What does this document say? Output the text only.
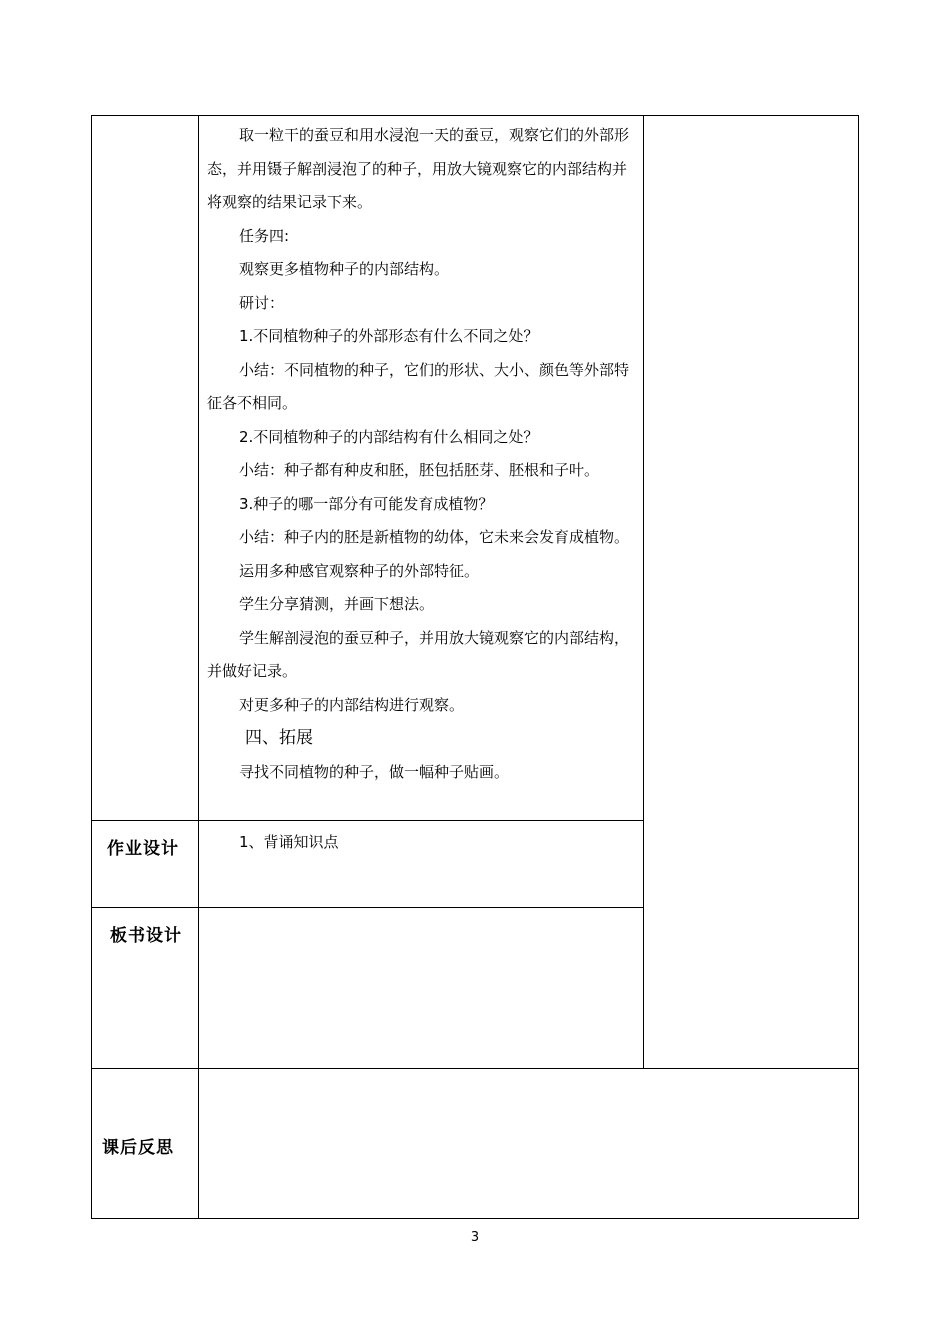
取一粒干的蚕豆和用水浸泡一天的蚕豆，观察它们的外部形态，并用镊子解剖浸泡了的种子，用放大镜观察它的内部结构并将观察的结果记录下来。

任务四:

观察更多植物种子的内部结构。

研讨：

1.不同植物种子的外部形态有什么不同之处？

小结：不同植物的种子，它们的形状、大小、颜色等外部特征各不相同。

2.不同植物种子的内部结构有什么相同之处？

小结：种子都有种皮和胚，胚包括胚芽、胚根和子叶。

3.种子的哪一部分有可能发育成植物？

小结：种子内的胚是新植物的幼体，它未来会发育成植物。

运用多种感官观察种子的外部特征。

学生分享猜测，并画下想法。

学生解剖浸泡的蚕豆种子，并用放大镜观察它的内部结构，并做好记录。

对更多种子的内部结构进行观察。

四、拓展

寻找不同植物的种子，做一幅种子贴画。

作业设计	1、背诵知识点
板书设计
课后反思
3
